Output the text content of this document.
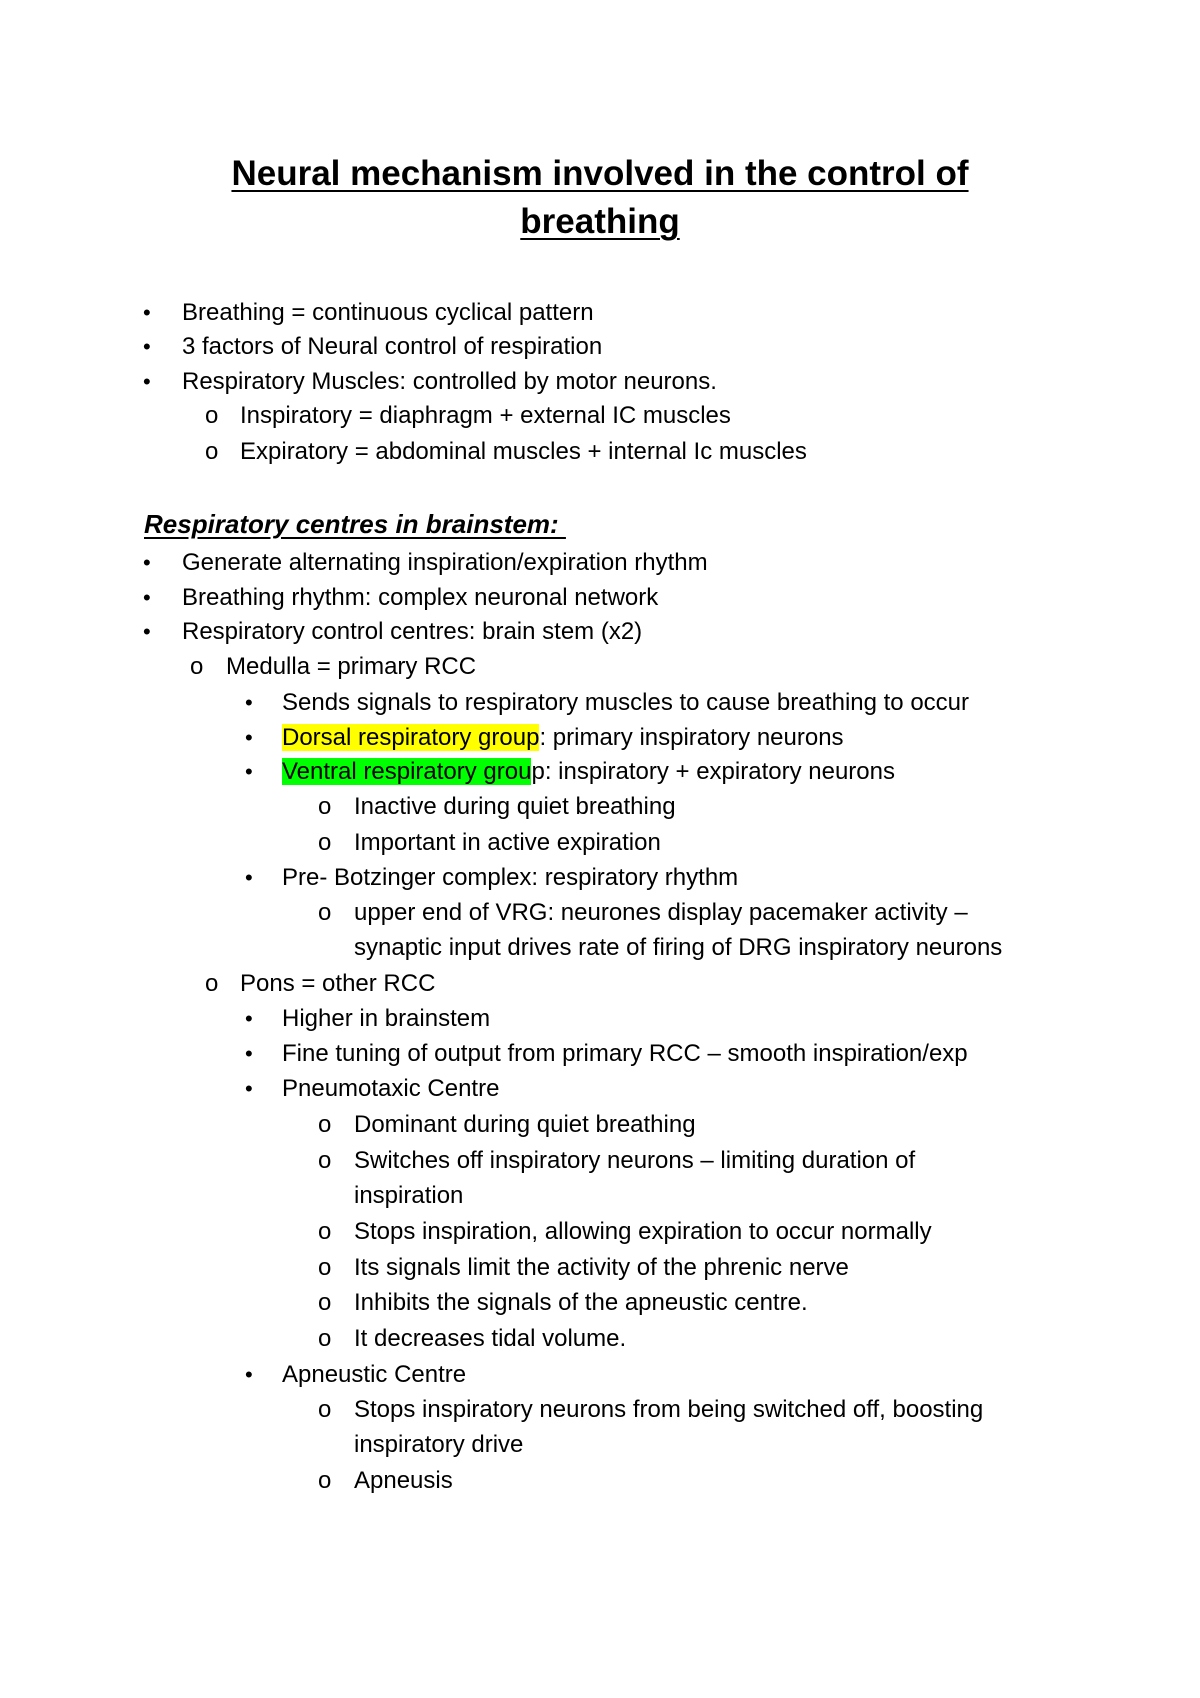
Neural mechanism involved in the control of
breathing
• Breathing = continuous cyclical pattern
• 3 factors of Neural control of respiration
• Respiratory Muscles: controlled by motor neurons.
o Inspiratory = diaphragm + external IC muscles
o Expiratory = abdominal muscles + internal Ic muscles
Respiratory centres in brainstem:
• Generate alternating inspiration/expiration rhythm
• Breathing rhythm: complex neuronal network
• Respiratory control centres: brain stem (x2)
o Medulla = primary RCC
• Sends signals to respiratory muscles to cause breathing to occur
• Dorsal respiratory group: primary inspiratory neurons
• Ventral respiratory group: inspiratory + expiratory neurons
o Inactive during quiet breathing
o Important in active expiration
• Pre- Botzinger complex: respiratory rhythm
o upper end of VRG: neurones display pacemaker activity –
synaptic input drives rate of firing of DRG inspiratory neurons
o Pons = other RCC
• Higher in brainstem
• Fine tuning of output from primary RCC – smooth inspiration/exp
• Pneumotaxic Centre
o Dominant during quiet breathing
o Switches off inspiratory neurons – limiting duration of
inspiration
o Stops inspiration, allowing expiration to occur normally
o Its signals limit the activity of the phrenic nerve
o Inhibits the signals of the apneustic centre.
o It decreases tidal volume.
• Apneustic Centre
o Stops inspiratory neurons from being switched off, boosting
inspiratory drive
o Apneusis
